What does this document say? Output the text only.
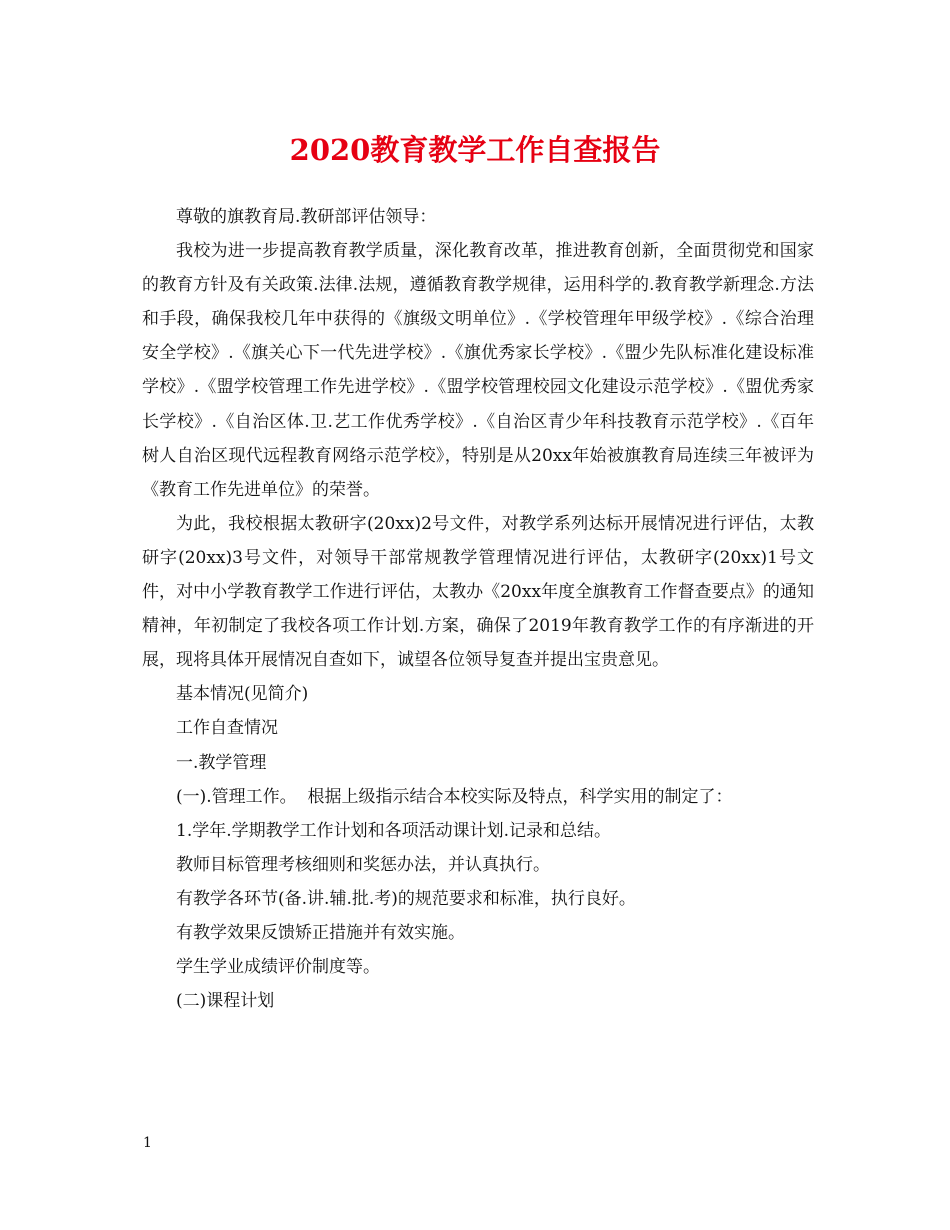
2020教育教学工作自查报告

尊敬的旗教育局.教研部评估领导：

我校为进一步提高教育教学质量，深化教育改革，推进教育创新，全面贯彻党和国家的教育方针及有关政策.法律.法规，遵循教育教学规律，运用科学的.教育教学新理念.方法和手段，确保我校几年中获得的《旗级文明单位》.《学校管理年甲级学校》.《综合治理安全学校》.《旗关心下一代先进学校》.《旗优秀家长学校》.《盟少先队标准化建设标准学校》.《盟学校管理工作先进学校》.《盟学校管理校园文化建设示范学校》.《盟优秀家长学校》.《自治区体.卫.艺工作优秀学校》.《自治区青少年科技教育示范学校》.《百年树人自治区现代远程教育网络示范学校》，特别是从20xx年始被旗教育局连续三年被评为《教育工作先进单位》的荣誉。

为此，我校根据太教研字(20xx)2号文件，对教学系列达标开展情况进行评估，太教研字(20xx)3号文件，对领导干部常规教学管理情况进行评估，太教研字(20xx)1号文件，对中小学教育教学工作进行评估，太教办《20xx年度全旗教育工作督查要点》的通知精神，年初制定了我校各项工作计划.方案，确保了2019年教育教学工作的有序渐进的开展，现将具体开展情况自查如下，诚望各位领导复查并提出宝贵意见。

基本情况(见简介)

工作自查情况

一.教学管理

(一).管理工作。  根据上级指示结合本校实际及特点，科学实用的制定了：

1.学年.学期教学工作计划和各项活动课计划.记录和总结。

教师目标管理考核细则和奖惩办法，并认真执行。

有教学各环节(备.讲.辅.批.考)的规范要求和标准，执行良好。

有教学效果反馈矫正措施并有效实施。

学生学业成绩评价制度等。

(二)课程计划

1
